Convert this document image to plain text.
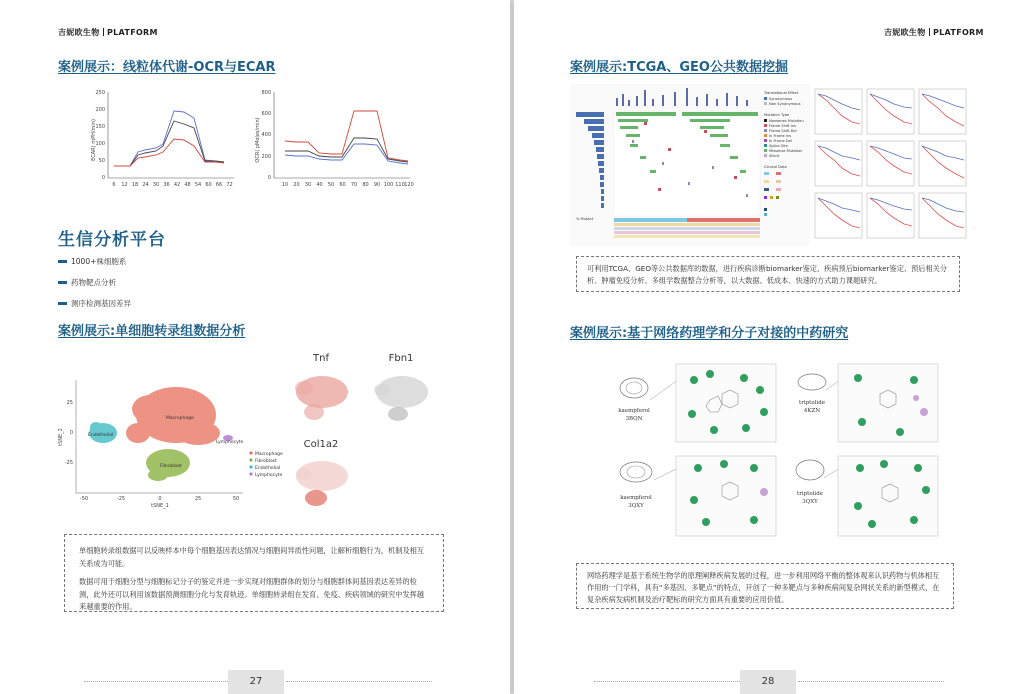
吉妮欧生物 PLATFORM
案例展示：线粒体代谢-OCR与ECAR
ECAR( mPH/min)
250
200
150
100
50
0
6 12 18 24 30 36 42 48 54 60 66 72
OCR( pMoles/min)
800
600
400
200
0
10 20 30 40 50 60 70 80 90 100 110 120
生信分析平台
1000+株细胞系
药物靶点分析
测序检测基因差异
案例展示:单细胞转录组数据分析
tSNE_2
tSNE_1
25
0
-25
-50	-25	0	25	50
Macrophage
Fibroblast
Endothelial
Lymphocyte
Macrophage
Fibroblast
Endothelial
Lymphocyte
Tnf	Fbn1
Col1a2

单细胞转录组数据可以反映样本中每个细胞基因表达情况与细胞间异质性问题，让解析细胞行为，机制及相互关系成为可能。

数据可用于细胞分型与细胞标记分子的鉴定并进一步实现对细胞群体的划分与细胞群体间基因表达差异的检测，此外还可以利用该数据预测细胞分化与发育轨迹。单细胞转录组在发育、免疫、疾病领域的研究中发挥越来越重要的作用。

27
吉妮欧生物 PLATFORM
案例展示:TCGA、GEO公共数据挖掘
% Mutant
Translational Effect
Synonymous
Non Synonymous
Mutation Type
Nonsense Mutation
Frame Shift Ins
Frame Shift Del
In Frame Ins
In Frame Del
Splice Site
Missense Mutation
Silent
Clinical Data

可利用TCGA、GEO等公共数据库的数据，进行疾病诊断biomarker鉴定、疾病预后biomarker鉴定、预后相关分析、肿瘤免疫分析、多组学数据整合分析等，以大数据、低成本、快速的方式助力课题研究。

案例展示:基于网络药理学和分子对接的中药研究
kaempferol
3BQN
triptolide
4KZN
kaempferol
3QXY
triptolide
3QXY

网络药理学是基于系统生物学的原理阐释疾病发展的过程，进一步利用网络平衡的整体观来认识药物与机体相互作用的一门学科，具有“多基因、多靶点”的特点，开创了一种多靶点与多种疾病间复杂网状关系的新型模式，在复杂疾病发病机制及治疗靶标的研究方面具有重要的应用价值。

28
